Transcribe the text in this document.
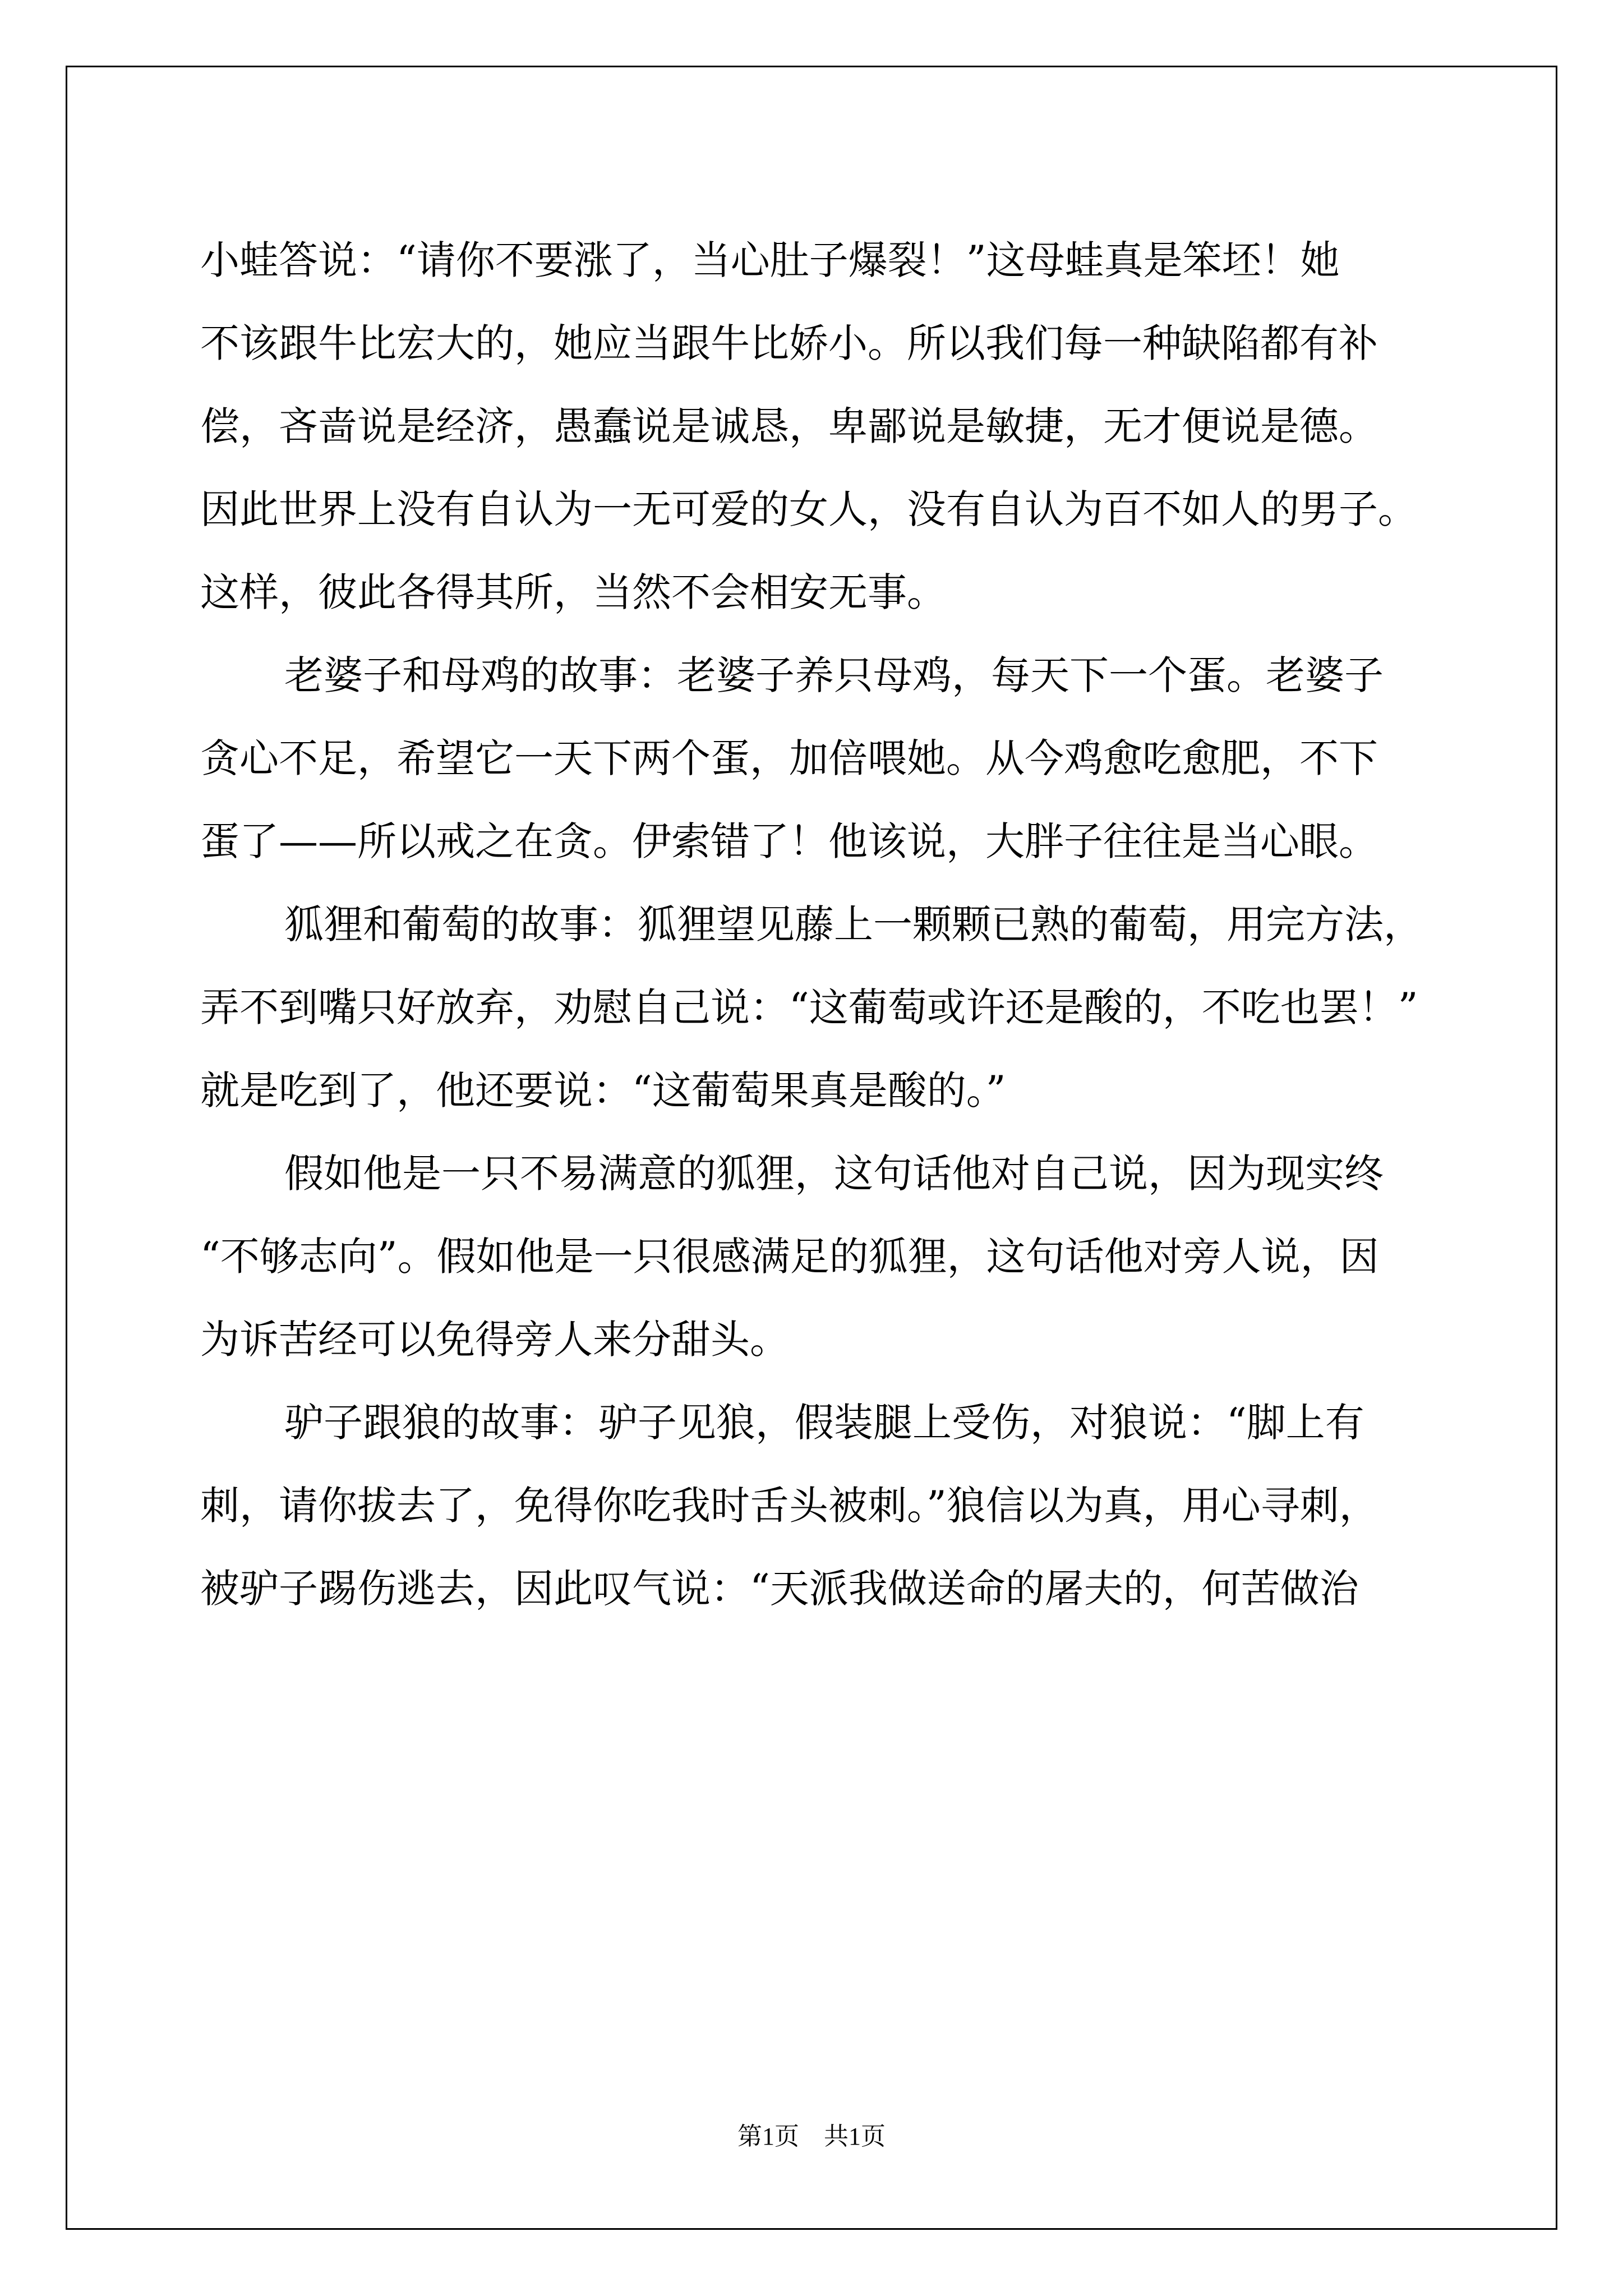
小蛙答说：“请你不要涨了，当心肚子爆裂！”这母蛙真是笨坯！她
不该跟牛比宏大的，她应当跟牛比娇小。所以我们每一种缺陷都有补
偿，吝啬说是经济，愚蠢说是诚恳，卑鄙说是敏捷，无才便说是德。
因此世界上没有自认为一无可爱的女人，没有自认为百不如人的男子。
这样，彼此各得其所，当然不会相安无事。
老婆子和母鸡的故事：老婆子养只母鸡，每天下一个蛋。老婆子
贪心不足，希望它一天下两个蛋，加倍喂她。从今鸡愈吃愈肥，不下
蛋了——所以戒之在贪。伊索错了！他该说，大胖子往往是当心眼。
狐狸和葡萄的故事：狐狸望见藤上一颗颗已熟的葡萄，用完方法，
弄不到嘴只好放弃，劝慰自己说：“这葡萄或许还是酸的，不吃也罢！”
就是吃到了，他还要说：“这葡萄果真是酸的。”
假如他是一只不易满意的狐狸，这句话他对自己说，因为现实终
“不够志向”。假如他是一只很感满足的狐狸，这句话他对旁人说，因
为诉苦经可以免得旁人来分甜头。
驴子跟狼的故事：驴子见狼，假装腿上受伤，对狼说：“脚上有
刺，请你拔去了，免得你吃我时舌头被刺。”狼信以为真，用心寻刺，
被驴子踢伤逃去，因此叹气说：“天派我做送命的屠夫的，何苦做治
第1页 共1页
